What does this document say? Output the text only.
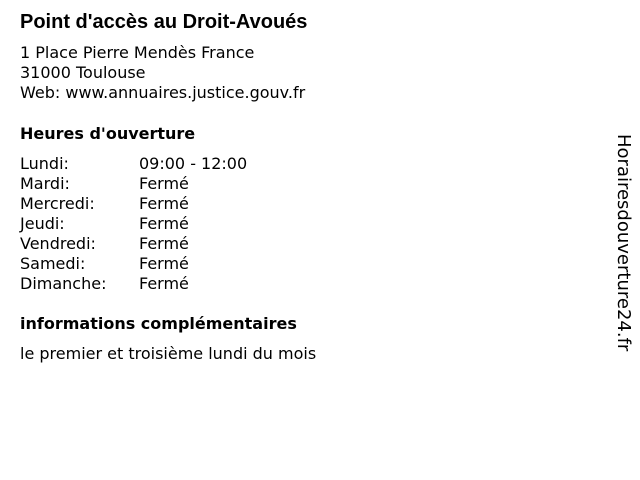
Point d'accès au Droit-Avoués
1 Place Pierre Mendès France
31000 Toulouse
Web: www.annuaires.justice.gouv.fr
Heures d'ouverture
Lundi:	09:00 - 12:00
Mardi:	Fermé
Mercredi:	Fermé
Jeudi:	Fermé
Vendredi:	Fermé
Samedi:	Fermé
Dimanche: Fermé
informations complémentaires
le premier et troisième lundi du mois
Horairesdouverture24.fr
